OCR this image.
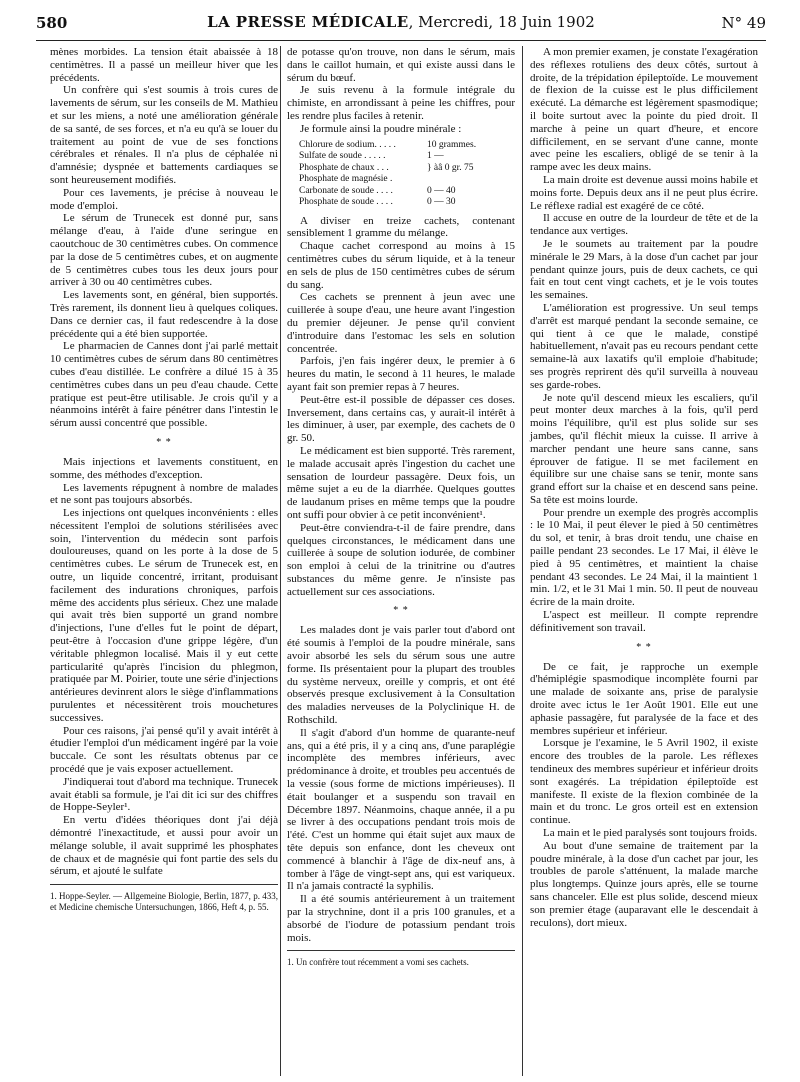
580	LA PRESSE MÉDICALE, Mercredi, 18 Juin 1902	N° 49

mènes morbides. La tension était abaissée à 18 centimètres. Il a passé un meilleur hiver que les précédents.

Un confrère qui s'est soumis à trois cures de lavements de sérum, sur les conseils de M. Mathieu et sur les miens, a noté une amélioration générale de sa santé, de ses forces, et n'a eu qu'à se louer du traitement au point de vue de ses fonctions cérébrales et rénales. Il n'a plus de céphalée ni d'amnésie; dyspnée et battements cardiaques se sont heureusement modifiés.

Pour ces lavements, je précise à nouveau le mode d'emploi.

Le sérum de Trunecek est donné pur, sans mélange d'eau, à l'aide d'une seringue en caoutchouc de 30 centimètres cubes. On commence par la dose de 5 centimètres cubes, et on augmente de 5 centimètres cubes tous les deux jours pour arriver à 30 ou 40 centimètres cubes.

Les lavements sont, en général, bien supportés. Très rarement, ils donnent lieu à quelques coliques. Dans ce dernier cas, il faut redescendre à la dose précédente qui a été bien supportée.

Le pharmacien de Cannes dont j'ai parlé mettait 10 centimètres cubes de sérum dans 80 centimètres cubes d'eau distillée. Le confrère a dilué 15 à 35 centimètres cubes dans un peu d'eau chaude. Cette pratique est peut-être utilisable. Je crois qu'il y a néanmoins intérêt à faire pénétrer dans l'intestin le sérum aussi concentré que possible.

* *

Mais injections et lavements constituent, en somme, des méthodes d'exception.

Les lavements répugnent à nombre de malades et ne sont pas toujours absorbés.

Les injections ont quelques inconvénients : elles nécessitent l'emploi de solutions stérilisées avec soin, l'intervention du médecin sont parfois douloureuses, quand on les porte à la dose de 5 centimètres cubes. Le sérum de Trunecek est, en outre, un liquide concentré, irritant, produisant facilement des indurations chroniques, parfois même des accidents plus sérieux. Chez une malade qui avait très bien supporté un grand nombre d'injections, l'une d'elles fut le point de départ, peut-être à l'occasion d'une grippe légère, d'un véritable phlegmon localisé. Mais il y eut cette particularité qu'après l'incision du phlegmon, pratiquée par M. Poirier, toute une série d'injections antérieures devinrent alors le siège d'inflammations purulentes et nécessitèrent trois mouchetures successives.

Pour ces raisons, j'ai pensé qu'il y avait intérêt à étudier l'emploi d'un médicament ingéré par la voie buccale. Ce sont les résultats obtenus par ce procédé que je vais exposer actuellement.

J'indiquerai tout d'abord ma technique. Trunecek avait établi sa formule, je l'ai dit ici sur des chiffres de Hoppe-Seyler¹.

En vertu d'idées théoriques dont j'ai déjà démontré l'inexactitude, et aussi pour avoir un mélange soluble, il avait supprimé les phosphates de chaux et de magnésie qui font partie des sels du sérum, et ajouté le sulfate

1. Hoppe-Seyler. — Allgemeine Biologie, Berlin, 1877, p. 433, et Medicine chemische Untersuchungen, 1866, Heft 4, p. 55.

de potasse qu'on trouve, non dans le sérum, mais dans le caillot humain, et qui existe aussi dans le sérum du bœuf.

Je suis revenu à la formule intégrale du chimiste, en arrondissant à peine les chiffres, pour les rendre plus faciles à retenir.

Je formule ainsi la poudre minérale :

Chlorure de sodium. . . . .	10 grammes.
Sulfate de soude . . . . .	1 —
Phosphate de chaux . . .	} àâ 0 gr. 75
Phosphate de magnésie .
Carbonate de soude . . . .	0 — 40
Phosphate de soude . . . .	0 — 30

A diviser en treize cachets, contenant sensiblement 1 gramme du mélange.

Chaque cachet correspond au moins à 15 centimètres cubes du sérum liquide, et à la teneur en sels de plus de 150 centimètres cubes de sérum du sang.

Ces cachets se prennent à jeun avec une cuillerée à soupe d'eau, une heure avant l'ingestion du premier déjeuner. Je pense qu'il convient d'introduire dans l'estomac les sels en solution concentrée.

Parfois, j'en fais ingérer deux, le premier à 6 heures du matin, le second à 11 heures, le malade ayant fait son premier repas à 7 heures.

Peut-être est-il possible de dépasser ces doses. Inversement, dans certains cas, y aurait-il intérêt à les diminuer, à user, par exemple, des cachets de 0 gr. 50.

Le médicament est bien supporté. Très rarement, le malade accusait après l'ingestion du cachet une sensation de lourdeur passagère. Deux fois, un même sujet a eu de la diarrhée. Quelques gouttes de laudanum prises en même temps que la poudre ont suffi pour obvier à ce petit inconvénient¹.

Peut-être conviendra-t-il de faire prendre, dans quelques circonstances, le médicament dans une cuillerée à soupe de solution iodurée, de combiner son emploi à celui de la trinitrine ou d'autres substances du même genre. Je n'insiste pas actuellement sur ces associations.

* *

Les malades dont je vais parler tout d'abord ont été soumis à l'emploi de la poudre minérale, sans avoir absorbé les sels du sérum sous une autre forme. Ils présentaient pour la plupart des troubles du système nerveux, oreille y compris, et ont été observés presque exclusivement à la Consultation des maladies nerveuses de la Polyclinique H. de Rothschild.

Il s'agit d'abord d'un homme de quarante-neuf ans, qui a été pris, il y a cinq ans, d'une paraplégie incomplète des membres inférieurs, avec prédominance à droite, et troubles peu accentués de la vessie (sous forme de mictions impérieuses). Il était boulanger et a suspendu son travail en Décembre 1897. Néanmoins, chaque année, il a pu se livrer à des occupations pendant trois mois de l'été. C'est un homme qui était sujet aux maux de tête depuis son enfance, dont les cheveux ont commencé à blanchir à l'âge de dix-neuf ans, à tomber à l'âge de vingt-sept ans, qui est variqueux. Il n'a jamais contracté la syphilis.

Il a été soumis antérieurement à un traitement par la strychnine, dont il a pris 100 granules, et a absorbé de l'iodure de potassium pendant trois mois.

1. Un confrère tout récemment a vomi ses cachets.

A mon premier examen, je constate l'exagération des réflexes rotuliens des deux côtés, surtout à droite, de la trépidation épileptoïde. Le mouvement de flexion de la cuisse est le plus difficilement exécuté. La démarche est légèrement spasmodique; il boite surtout avec la pointe du pied droit. Il marche à peine un quart d'heure, et encore difficilement, en se servant d'une canne, monte avec peine les escaliers, obligé de se tenir à la rampe avec les deux mains.

La main droite est devenue aussi moins habile et moins forte. Depuis deux ans il ne peut plus écrire. Le réflexe radial est exagéré de ce côté.

Il accuse en outre de la lourdeur de tête et de la tendance aux vertiges.

Je le soumets au traitement par la poudre minérale le 29 Mars, à la dose d'un cachet par jour pendant quinze jours, puis de deux cachets, ce qui fait en tout cent vingt cachets, et je le vois toutes les semaines.

L'amélioration est progressive. Un seul temps d'arrêt est marqué pendant la seconde semaine, ce qui tient à ce que le malade, constipé habituellement, n'avait pas eu recours pendant cette semaine-là aux laxatifs qu'il emploie d'habitude; ses progrès reprirent dès qu'il surveilla à nouveau ses garde-robes.

Je note qu'il descend mieux les escaliers, qu'il peut monter deux marches à la fois, qu'il perd moins l'équilibre, qu'il est plus solide sur ses jambes, qu'il fléchit mieux la cuisse. Il arrive à marcher pendant une heure sans canne, sans éprouver de fatigue. Il se met facilement en équilibre sur une chaise sans se tenir, monte sans grand effort sur la chaise et en descend sans peine. Sa tête est moins lourde.

Pour prendre un exemple des progrès accomplis : le 10 Mai, il peut élever le pied à 50 centimètres du sol, et tenir, à bras droit tendu, une chaise en paille pendant 23 secondes. Le 17 Mai, il élève le pied à 95 centimètres, et maintient la chaise pendant 43 secondes. Le 24 Mai, il la maintient 1 min. 1/2, et le 31 Mai 1 min. 50. Il peut de nouveau écrire de la main droite.

L'aspect est meilleur. Il compte reprendre définitivement son travail.

* *

De ce fait, je rapproche un exemple d'hémiplégie spasmodique incomplète fourni par une malade de soixante ans, prise de paralysie droite avec ictus le 1er Août 1901. Elle eut une aphasie passagère, fut paralysée de la face et des membres supérieur et inférieur.

Lorsque je l'examine, le 5 Avril 1902, il existe encore des troubles de la parole. Les réflexes tendineux des membres supérieur et inférieur droits sont exagérés. La trépidation épileptoïde est manifeste. Il existe de la flexion combinée de la main et du tronc. Le gros orteil est en extension continue.

La main et le pied paralysés sont toujours froids.

Au bout d'une semaine de traitement par la poudre minérale, à la dose d'un cachet par jour, les troubles de parole s'atténuent, la malade marche plus longtemps. Quinze jours après, elle se tourne sans chanceler. Elle est plus solide, descend mieux son premier étage (auparavant elle le descendait à reculons), dort mieux.
